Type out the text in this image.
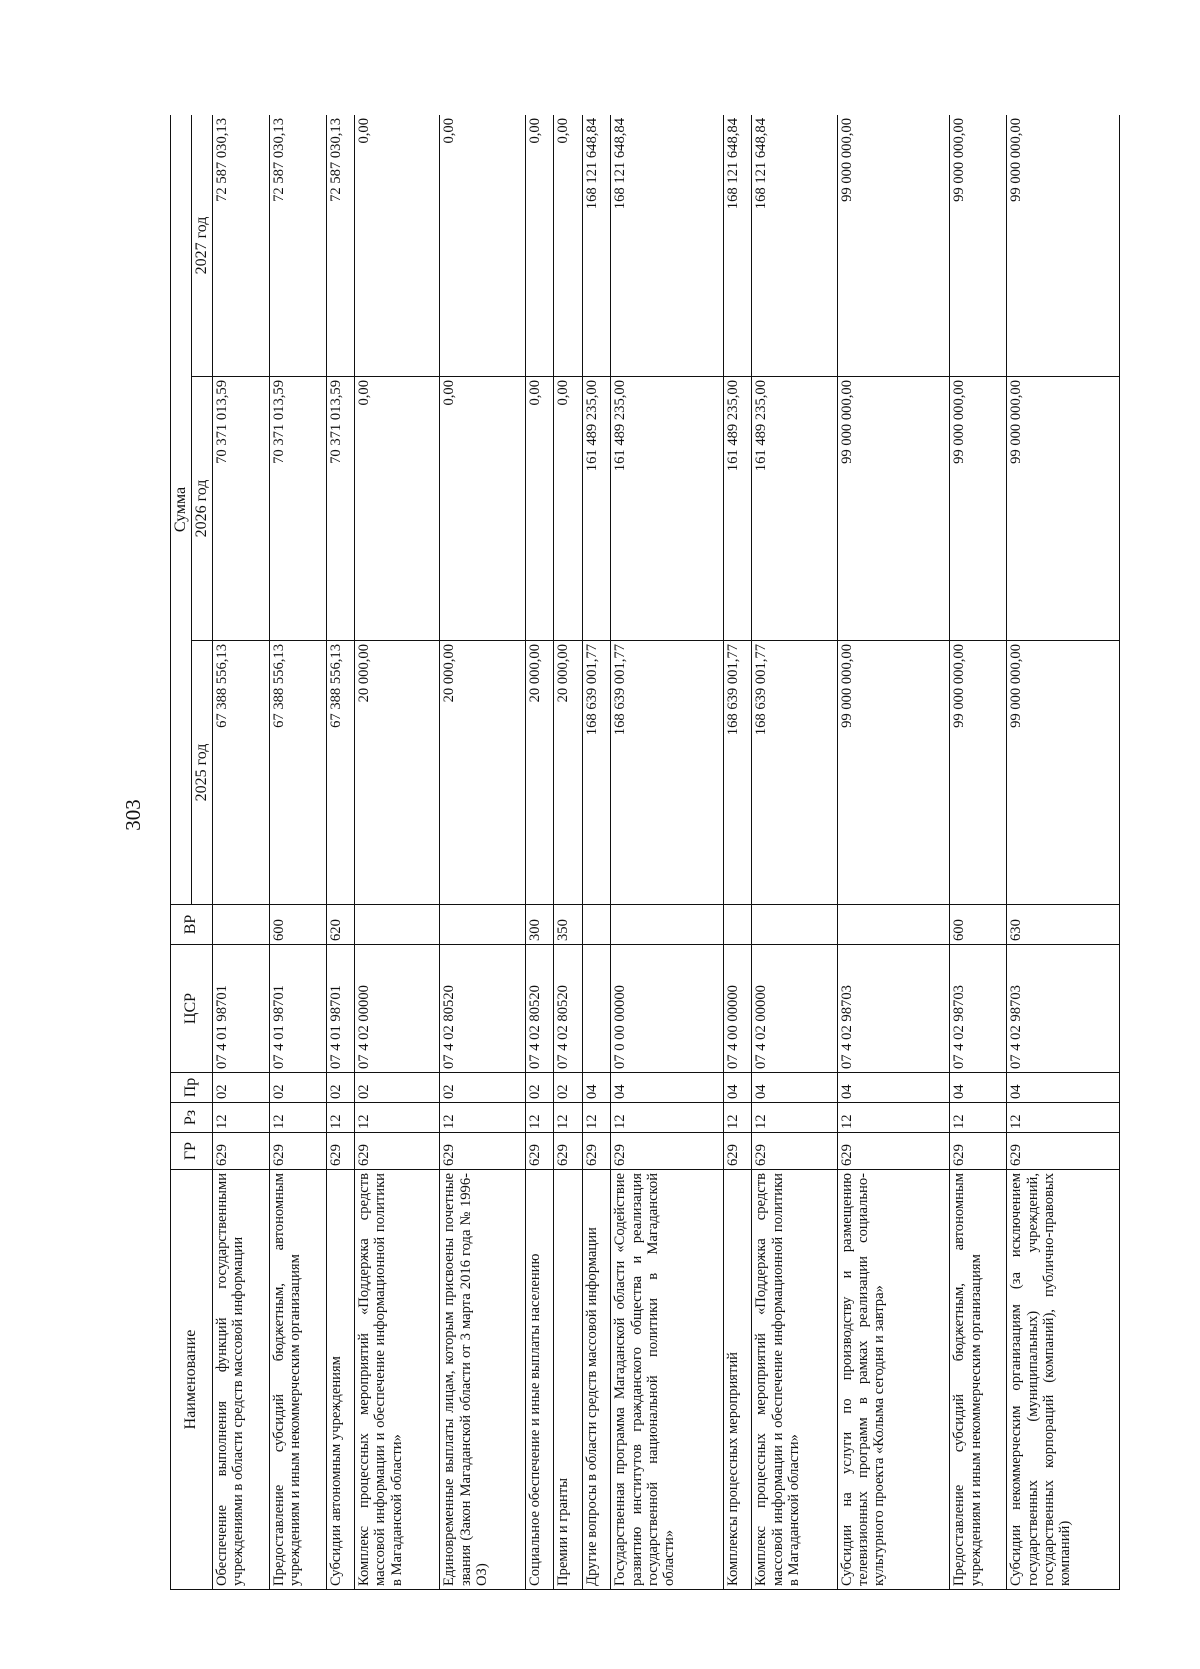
303
Наименование	ГР	Рз	Пр	ЦСР	ВР	Сумма		
						2025 год	2026 год	2027 год
Обеспечение выполнения функций государственными учреждениями в области средств массовой информации	629	12	02	07 4 01 98701		67 388 556,13	70 371 013,59	72 587 030,13
Предоставление субсидий бюджетным, автономным учреждениям и иным некоммерческим организациям	629	12	02	07 4 01 98701	600	67 388 556,13	70 371 013,59	72 587 030,13
Субсидии автономным учреждениям	629	12	02	07 4 01 98701	620	67 388 556,13	70 371 013,59	72 587 030,13
Комплекс процессных мероприятий «Поддержка средств массовой информации и обеспечение информационной политики в Магаданской области»	629	12	02	07 4 02 00000		20 000,00	0,00	0,00
Единовременные выплаты лицам, которым присвоены почетные звания (Закон Магаданской области от 3 марта 2016 года № 1996-ОЗ)	629	12	02	07 4 02 80520		20 000,00	0,00	0,00
Социальное обеспечение и иные выплаты населению	629	12	02	07 4 02 80520	300	20 000,00	0,00	0,00
Премии и гранты	629	12	02	07 4 02 80520	350	20 000,00	0,00	0,00
Другие вопросы в области средств массовой информации	629	12	04			168 639 001,77	161 489 235,00	168 121 648,84
Государственная программа Магаданской области «Содействие развитию институтов гражданского общества и реализация государственной национальной политики в Магаданской области»	629	12	04	07 0 00 00000		168 639 001,77	161 489 235,00	168 121 648,84
Комплексы процессных мероприятий	629	12	04	07 4 00 00000		168 639 001,77	161 489 235,00	168 121 648,84
Комплекс процессных мероприятий «Поддержка средств массовой информации и обеспечение информационной политики в Магаданской области»	629	12	04	07 4 02 00000		168 639 001,77	161 489 235,00	168 121 648,84
Субсидии на услуги по производству и размещению телевизионных программ в рамках реализации социально-культурного проекта «Колыма сегодня и завтра»	629	12	04	07 4 02 98703		99 000 000,00	99 000 000,00	99 000 000,00
Предоставление субсидий бюджетным, автономным учреждениям и иным некоммерческим организациям	629	12	04	07 4 02 98703	600	99 000 000,00	99 000 000,00	99 000 000,00
Субсидии некоммерческим организациям (за исключением государственных (муниципальных) учреждений, государственных корпораций (компаний), публично-правовых компаний)	629	12	04	07 4 02 98703	630	99 000 000,00	99 000 000,00	99 000 000,00
